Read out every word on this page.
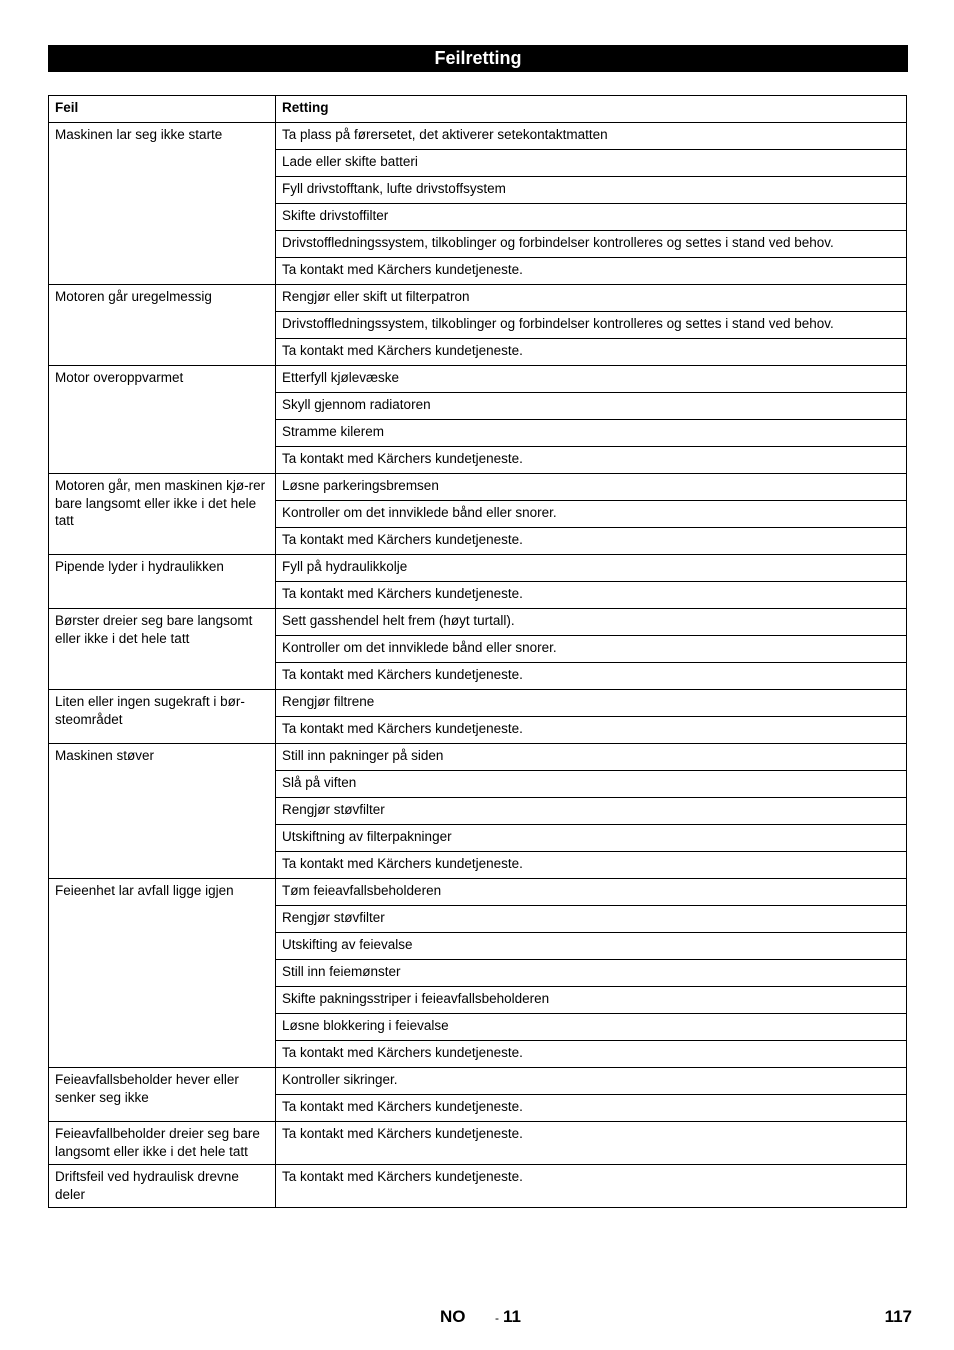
Feilretting
Feil	Retting
Maskinen lar seg ikke starte	Ta plass på førersetet, det aktiverer setekontaktmatten
	Lade eller skifte batteri
	Fyll drivstofftank, lufte drivstoffsystem
	Skifte drivstoffilter
	Drivstoffledningssystem, tilkoblinger og forbindelser kontrolleres og settes i stand ved behov.
	Ta kontakt med Kärchers kundetjeneste.
Motoren går uregelmessig	Rengjør eller skift ut filterpatron
	Drivstoffledningssystem, tilkoblinger og forbindelser kontrolleres og settes i stand ved behov.
	Ta kontakt med Kärchers kundetjeneste.
Motor overoppvarmet	Etterfyll kjølevæske
	Skyll gjennom radiatoren
	Stramme kilerem
	Ta kontakt med Kärchers kundetjeneste.
Motoren går, men maskinen kjø-rer bare langsomt eller ikke i det hele tatt	Løsne parkeringsbremsen
	Kontroller om det innviklede bånd eller snorer.
	Ta kontakt med Kärchers kundetjeneste.
Pipende lyder i hydraulikken	Fyll på hydraulikkolje
	Ta kontakt med Kärchers kundetjeneste.
Børster dreier seg bare langsomt eller ikke i det hele tatt	Sett gasshendel helt frem (høyt turtall).
	Kontroller om det innviklede bånd eller snorer.
	Ta kontakt med Kärchers kundetjeneste.
Liten eller ingen sugekraft i bør-steområdet	Rengjør filtrene
	Ta kontakt med Kärchers kundetjeneste.
Maskinen støver	Still inn pakninger på siden
	Slå på viften
	Rengjør støvfilter
	Utskiftning av filterpakninger
	Ta kontakt med Kärchers kundetjeneste.
Feieenhet lar avfall ligge igjen	Tøm feieavfallsbeholderen
	Rengjør støvfilter
	Utskifting av feievalse
	Still inn feiemønster
	Skifte pakningsstriper i feieavfallsbeholderen
	Løsne blokkering i feievalse
	Ta kontakt med Kärchers kundetjeneste.
Feieavfallsbeholder hever eller senker seg ikke	Kontroller sikringer.
	Ta kontakt med Kärchers kundetjeneste.
Feieavfallbeholder dreier seg bare langsomt eller ikke i det hele tatt	Ta kontakt med Kärchers kundetjeneste.
Driftsfeil ved hydraulisk drevne deler	Ta kontakt med Kärchers kundetjeneste.
NO - 11	117
